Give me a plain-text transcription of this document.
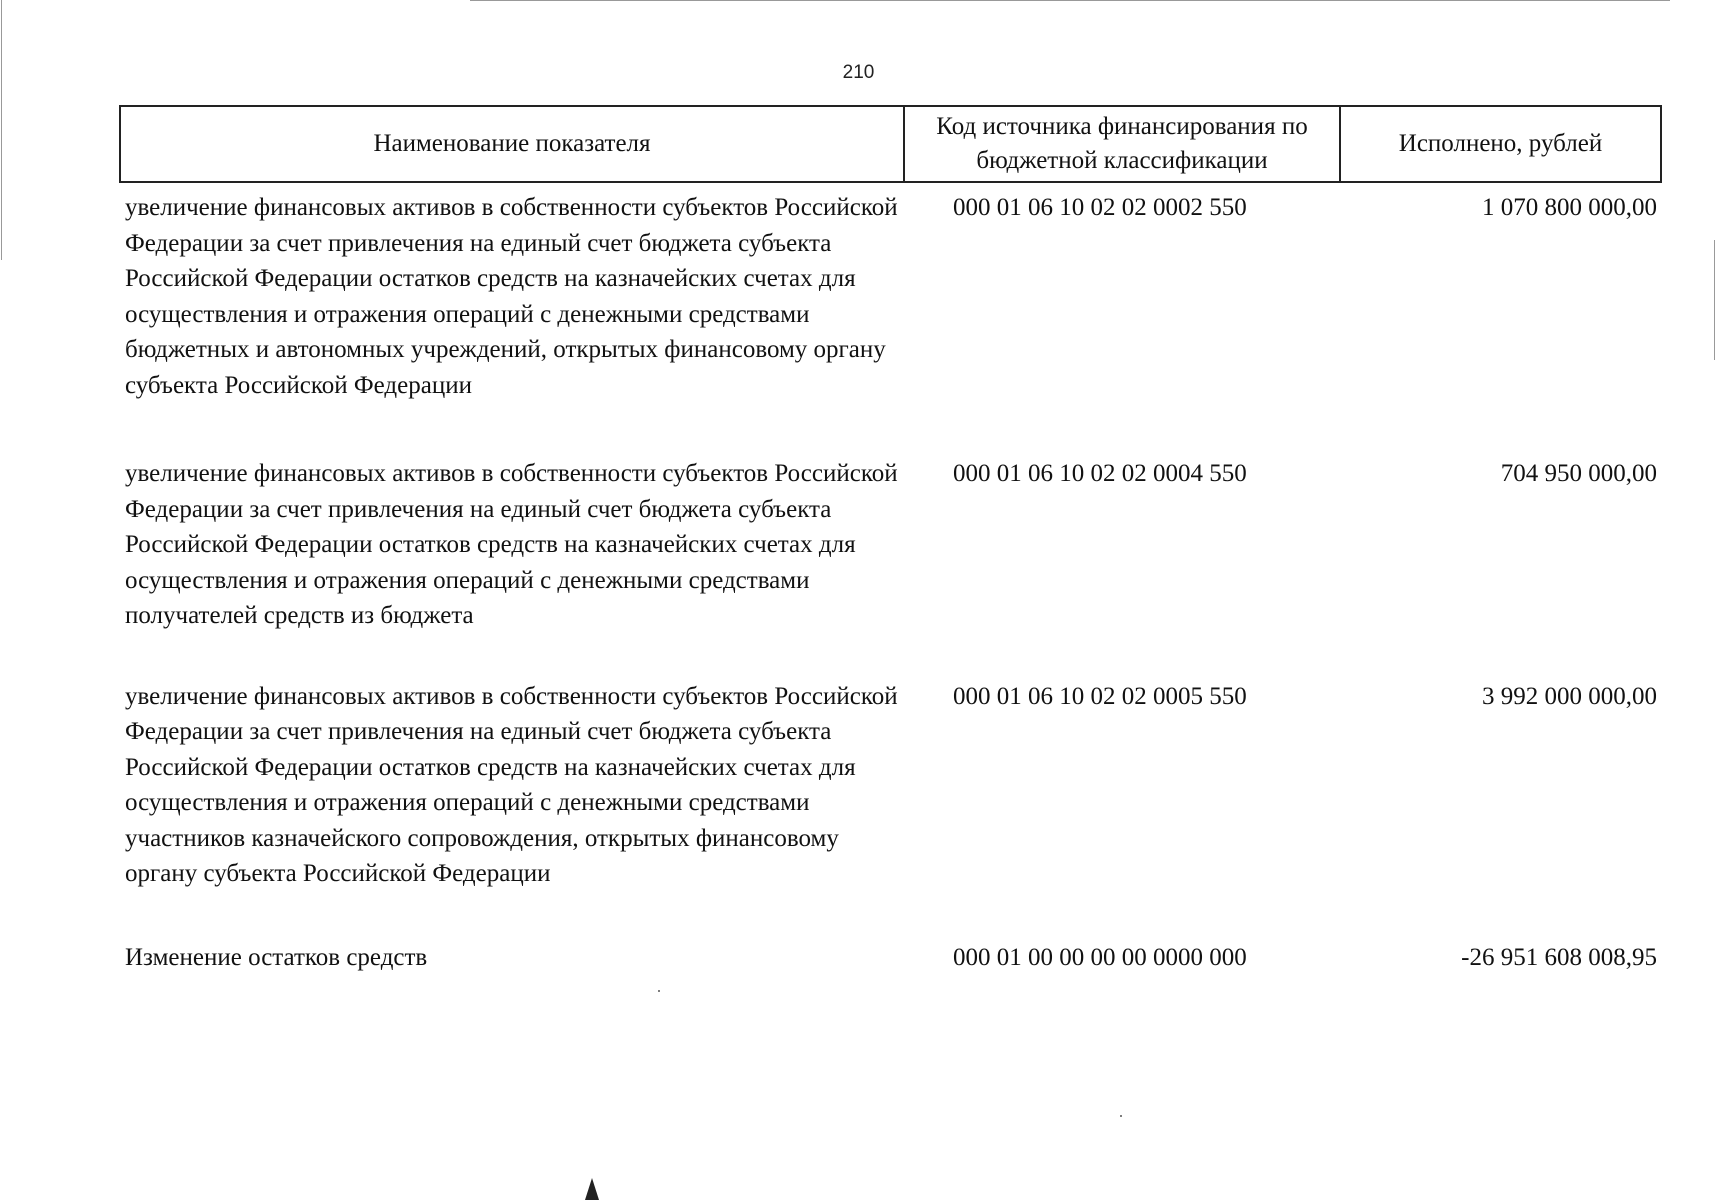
210
Наименование показателя	Код источника финансирования по бюджетной классификации	Исполнено, рублей
увеличение финансовых активов в собственности субъектов Российской Федерации за счет привлечения на единый счет бюджета субъекта Российской Федерации остатков средств на казначейских счетах для осуществления и отражения операций с денежными средствами бюджетных и автономных учреждений, открытых финансовому органу субъекта Российской Федерации	000 01 06 10 02 02 0002 550	1 070 800 000,00
увеличение финансовых активов в собственности субъектов Российской Федерации за счет привлечения на единый счет бюджета субъекта Российской Федерации остатков средств на казначейских счетах для осуществления и отражения операций с денежными средствами получателей средств из бюджета	000 01 06 10 02 02 0004 550	704 950 000,00
увеличение финансовых активов в собственности субъектов Российской Федерации за счет привлечения на единый счет бюджета субъекта Российской Федерации остатков средств на казначейских счетах для осуществления и отражения операций с денежными средствами участников казначейского сопровождения, открытых финансовому органу субъекта Российской Федерации	000 01 06 10 02 02 0005 550	3 992 000 000,00
Изменение остатков средств	000 01 00 00 00 00 0000 000	-26 951 608 008,95
